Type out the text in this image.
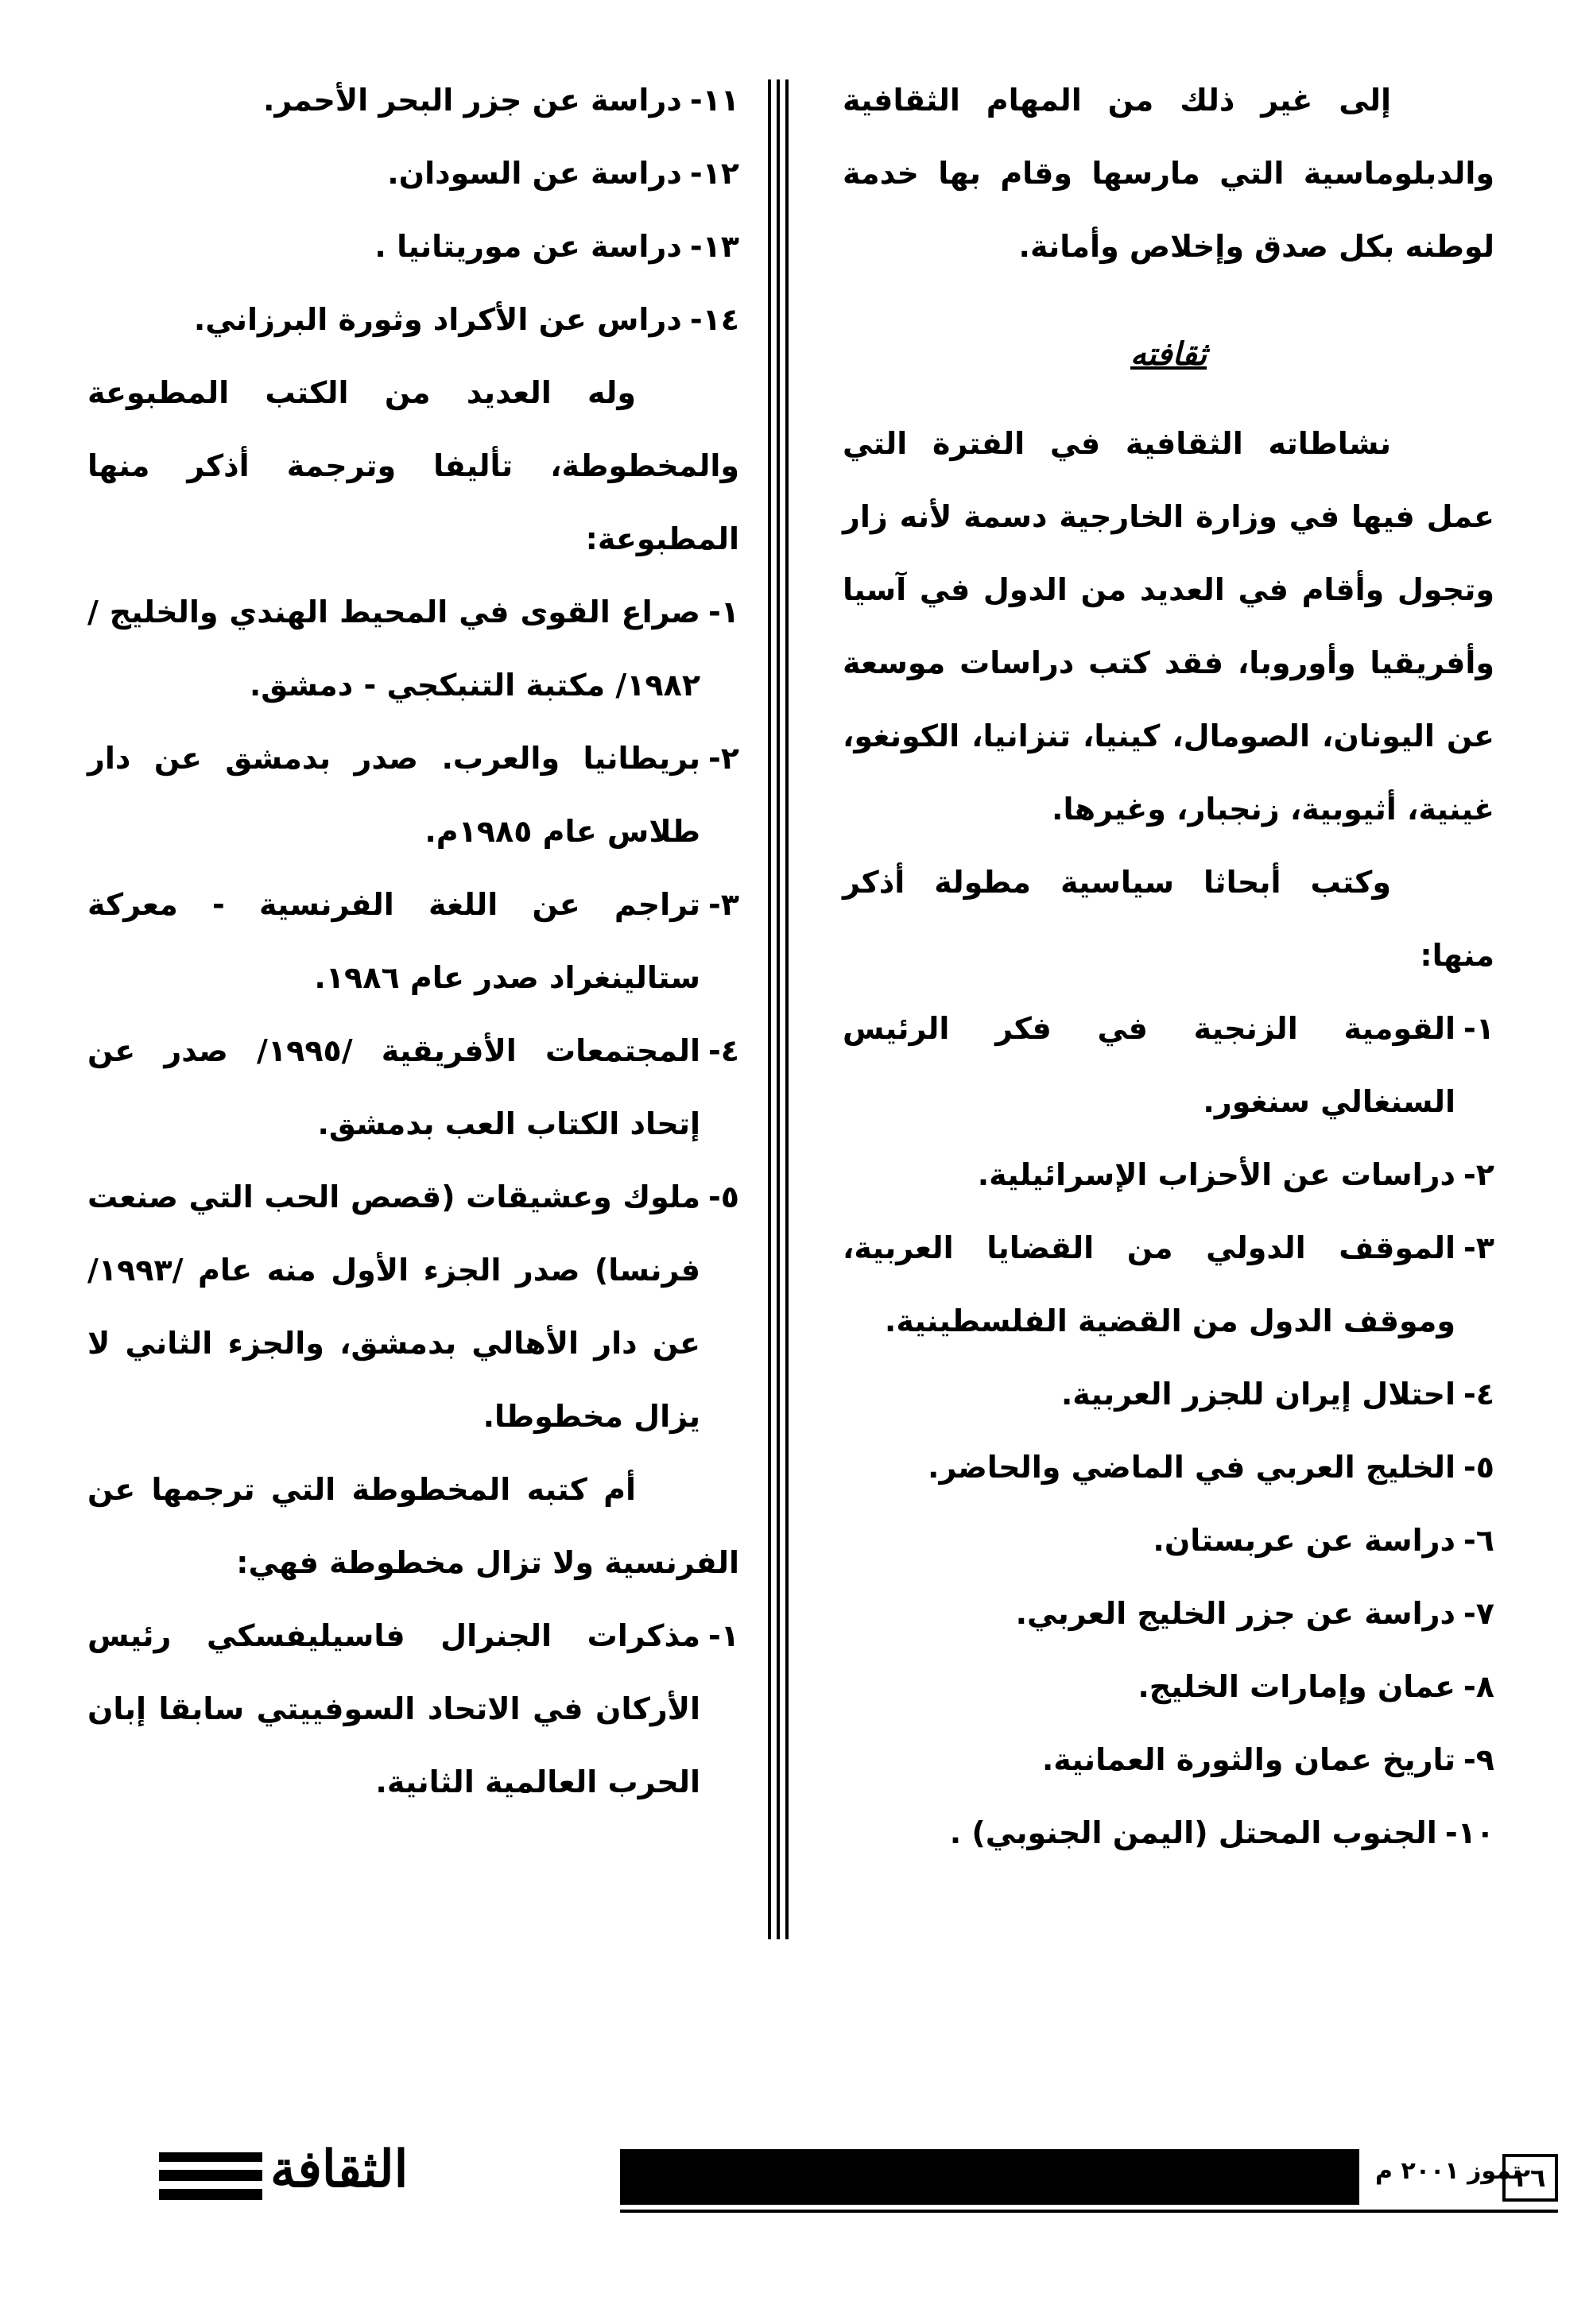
إلى غير ذلك من المهام الثقافية والدبلوماسية التي مارسها وقام بها خدمة لوطنه بكل صدق وإخلاص وأمانة.

ثقافته

نشاطاته الثقافية في الفترة التي عمل فيها في وزارة الخارجية دسمة لأنه زار وتجول وأقام في العديد من الدول في آسيا وأفريقيا وأوروبا، فقد كتب دراسات موسعة عن اليونان، الصومال، كينيا، تنزانيا، الكونغو، غينية، أثيوبية، زنجبار، وغيرها.

وكتب أبحاثا سياسية مطولة أذكر منها:

١-
القومية الزنجية في فكر الرئيس السنغالي سنغور.
٢-
دراسات عن الأحزاب الإسرائيلية.
٣-
الموقف الدولي من القضايا العربية، وموقف الدول من القضية الفلسطينية.
٤-
احتلال إيران للجزر العربية.
٥-
الخليج العربي في الماضي والحاضر.
٦-
دراسة عن عربستان.
٧-
دراسة عن جزر الخليج العربي.
٨-
عمان وإمارات الخليج.
٩-
تاريخ عمان والثورة العمانية.
١٠-
الجنوب المحتل (اليمن الجنوبي) .
١١-
دراسة عن جزر البحر الأحمر.
١٢-
دراسة عن السودان.
١٣-
دراسة عن موريتانيا .
١٤-
دراس عن الأكراد وثورة البرزاني.

وله العديد من الكتب المطبوعة والمخطوطة، تأليفا وترجمة أذكر منها المطبوعة:

١-
صراع القوى في المحيط الهندي والخليج /١٩٨٢/ مكتبة التنبكجي - دمشق.
٢-
بريطانيا والعرب. صدر بدمشق عن دار طلاس عام ١٩٨٥م.
٣-
تراجم عن اللغة الفرنسية - معركة ستالينغراد صدر عام ١٩٨٦.
٤-
المجتمعات الأفريقية /١٩٩٥/ صدر عن إتحاد الكتاب العب بدمشق.
٥-
ملوك وعشيقات (قصص الحب التي صنعت فرنسا) صدر الجزء الأول منه عام /١٩٩٣/ عن دار الأهالي بدمشق، والجزء الثاني لا يزال مخطوطا.

أم كتبه المخطوطة التي ترجمها عن الفرنسية ولا تزال مخطوطة فهي:

١-
مذكرات الجنرال فاسيليفسكي رئيس الأركان في الاتحاد السوفييتي سابقا إبان الحرب العالمية الثانية.
الثقافة	تموز ٢٠٠١ م
٢٦
